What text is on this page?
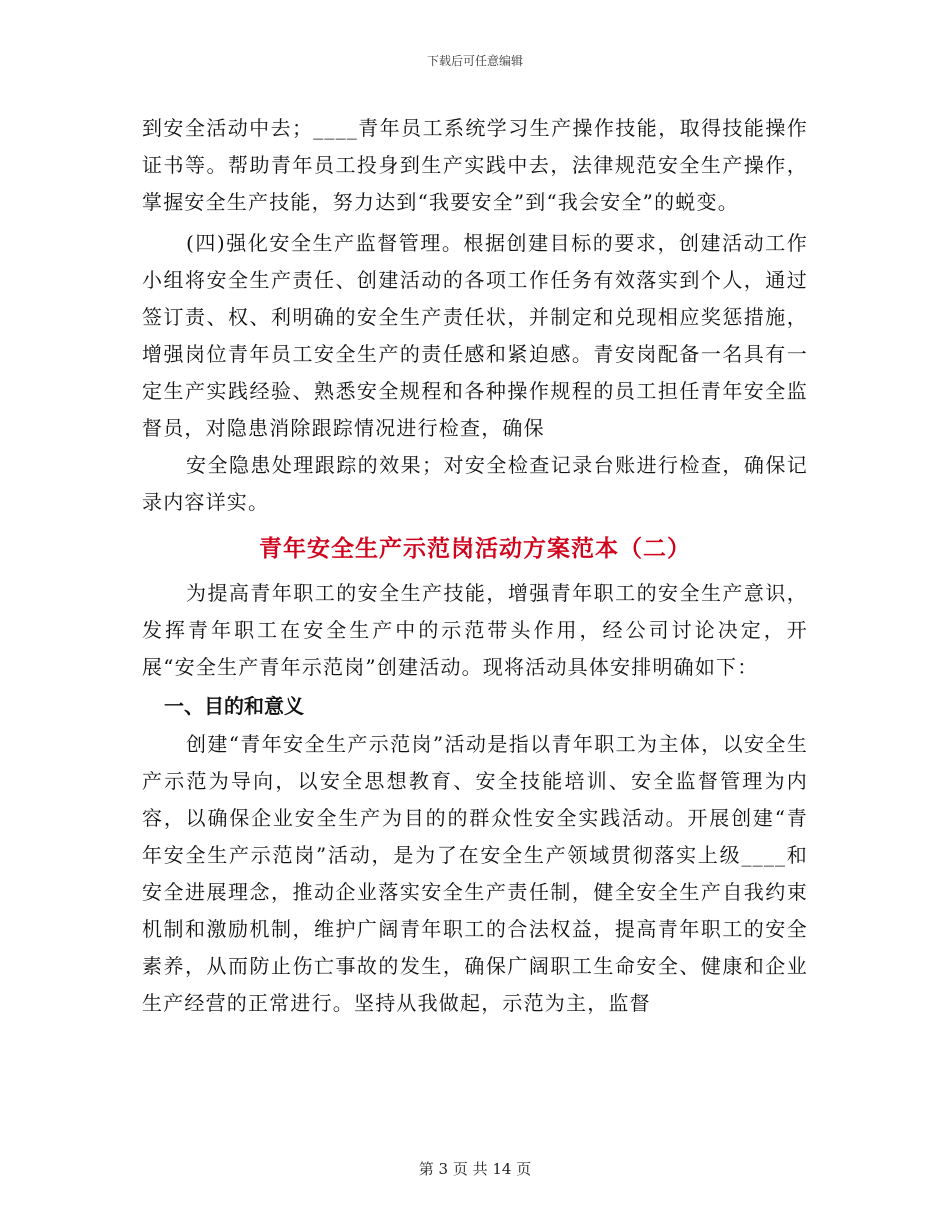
下载后可任意编辑

到安全活动中去；____青年员工系统学习生产操作技能，取得技能操作证书等。帮助青年员工投身到生产实践中去，法律规范安全生产操作，掌握安全生产技能，努力达到“我要安全”到“我会安全”的蜕变。

(四)强化安全生产监督管理。根据创建目标的要求，创建活动工作小组将安全生产责任、创建活动的各项工作任务有效落实到个人，通过签订责、权、利明确的安全生产责任状，并制定和兑现相应奖惩措施，增强岗位青年员工安全生产的责任感和紧迫感。青安岗配备一名具有一定生产实践经验、熟悉安全规程和各种操作规程的员工担任青年安全监督员，对隐患消除跟踪情况进行检查，确保

安全隐患处理跟踪的效果；对安全检查记录台账进行检查，确保记录内容详实。

青年安全生产示范岗活动方案范本（二）

为提高青年职工的安全生产技能，增强青年职工的安全生产意识，发挥青年职工在安全生产中的示范带头作用，经公司讨论决定，开展“安全生产青年示范岗”创建活动。现将活动具体安排明确如下：

一、目的和意义

创建“青年安全生产示范岗”活动是指以青年职工为主体，以安全生产示范为导向，以安全思想教育、安全技能培训、安全监督管理为内容，以确保企业安全生产为目的的群众性安全实践活动。开展创建“青年安全生产示范岗”活动，是为了在安全生产领域贯彻落实上级____和安全进展理念，推动企业落实安全生产责任制，健全安全生产自我约束机制和激励机制，维护广阔青年职工的合法权益，提高青年职工的安全素养，从而防止伤亡事故的发生，确保广阔职工生命安全、健康和企业生产经营的正常进行。坚持从我做起，示范为主，监督

第 3 页 共 14 页
